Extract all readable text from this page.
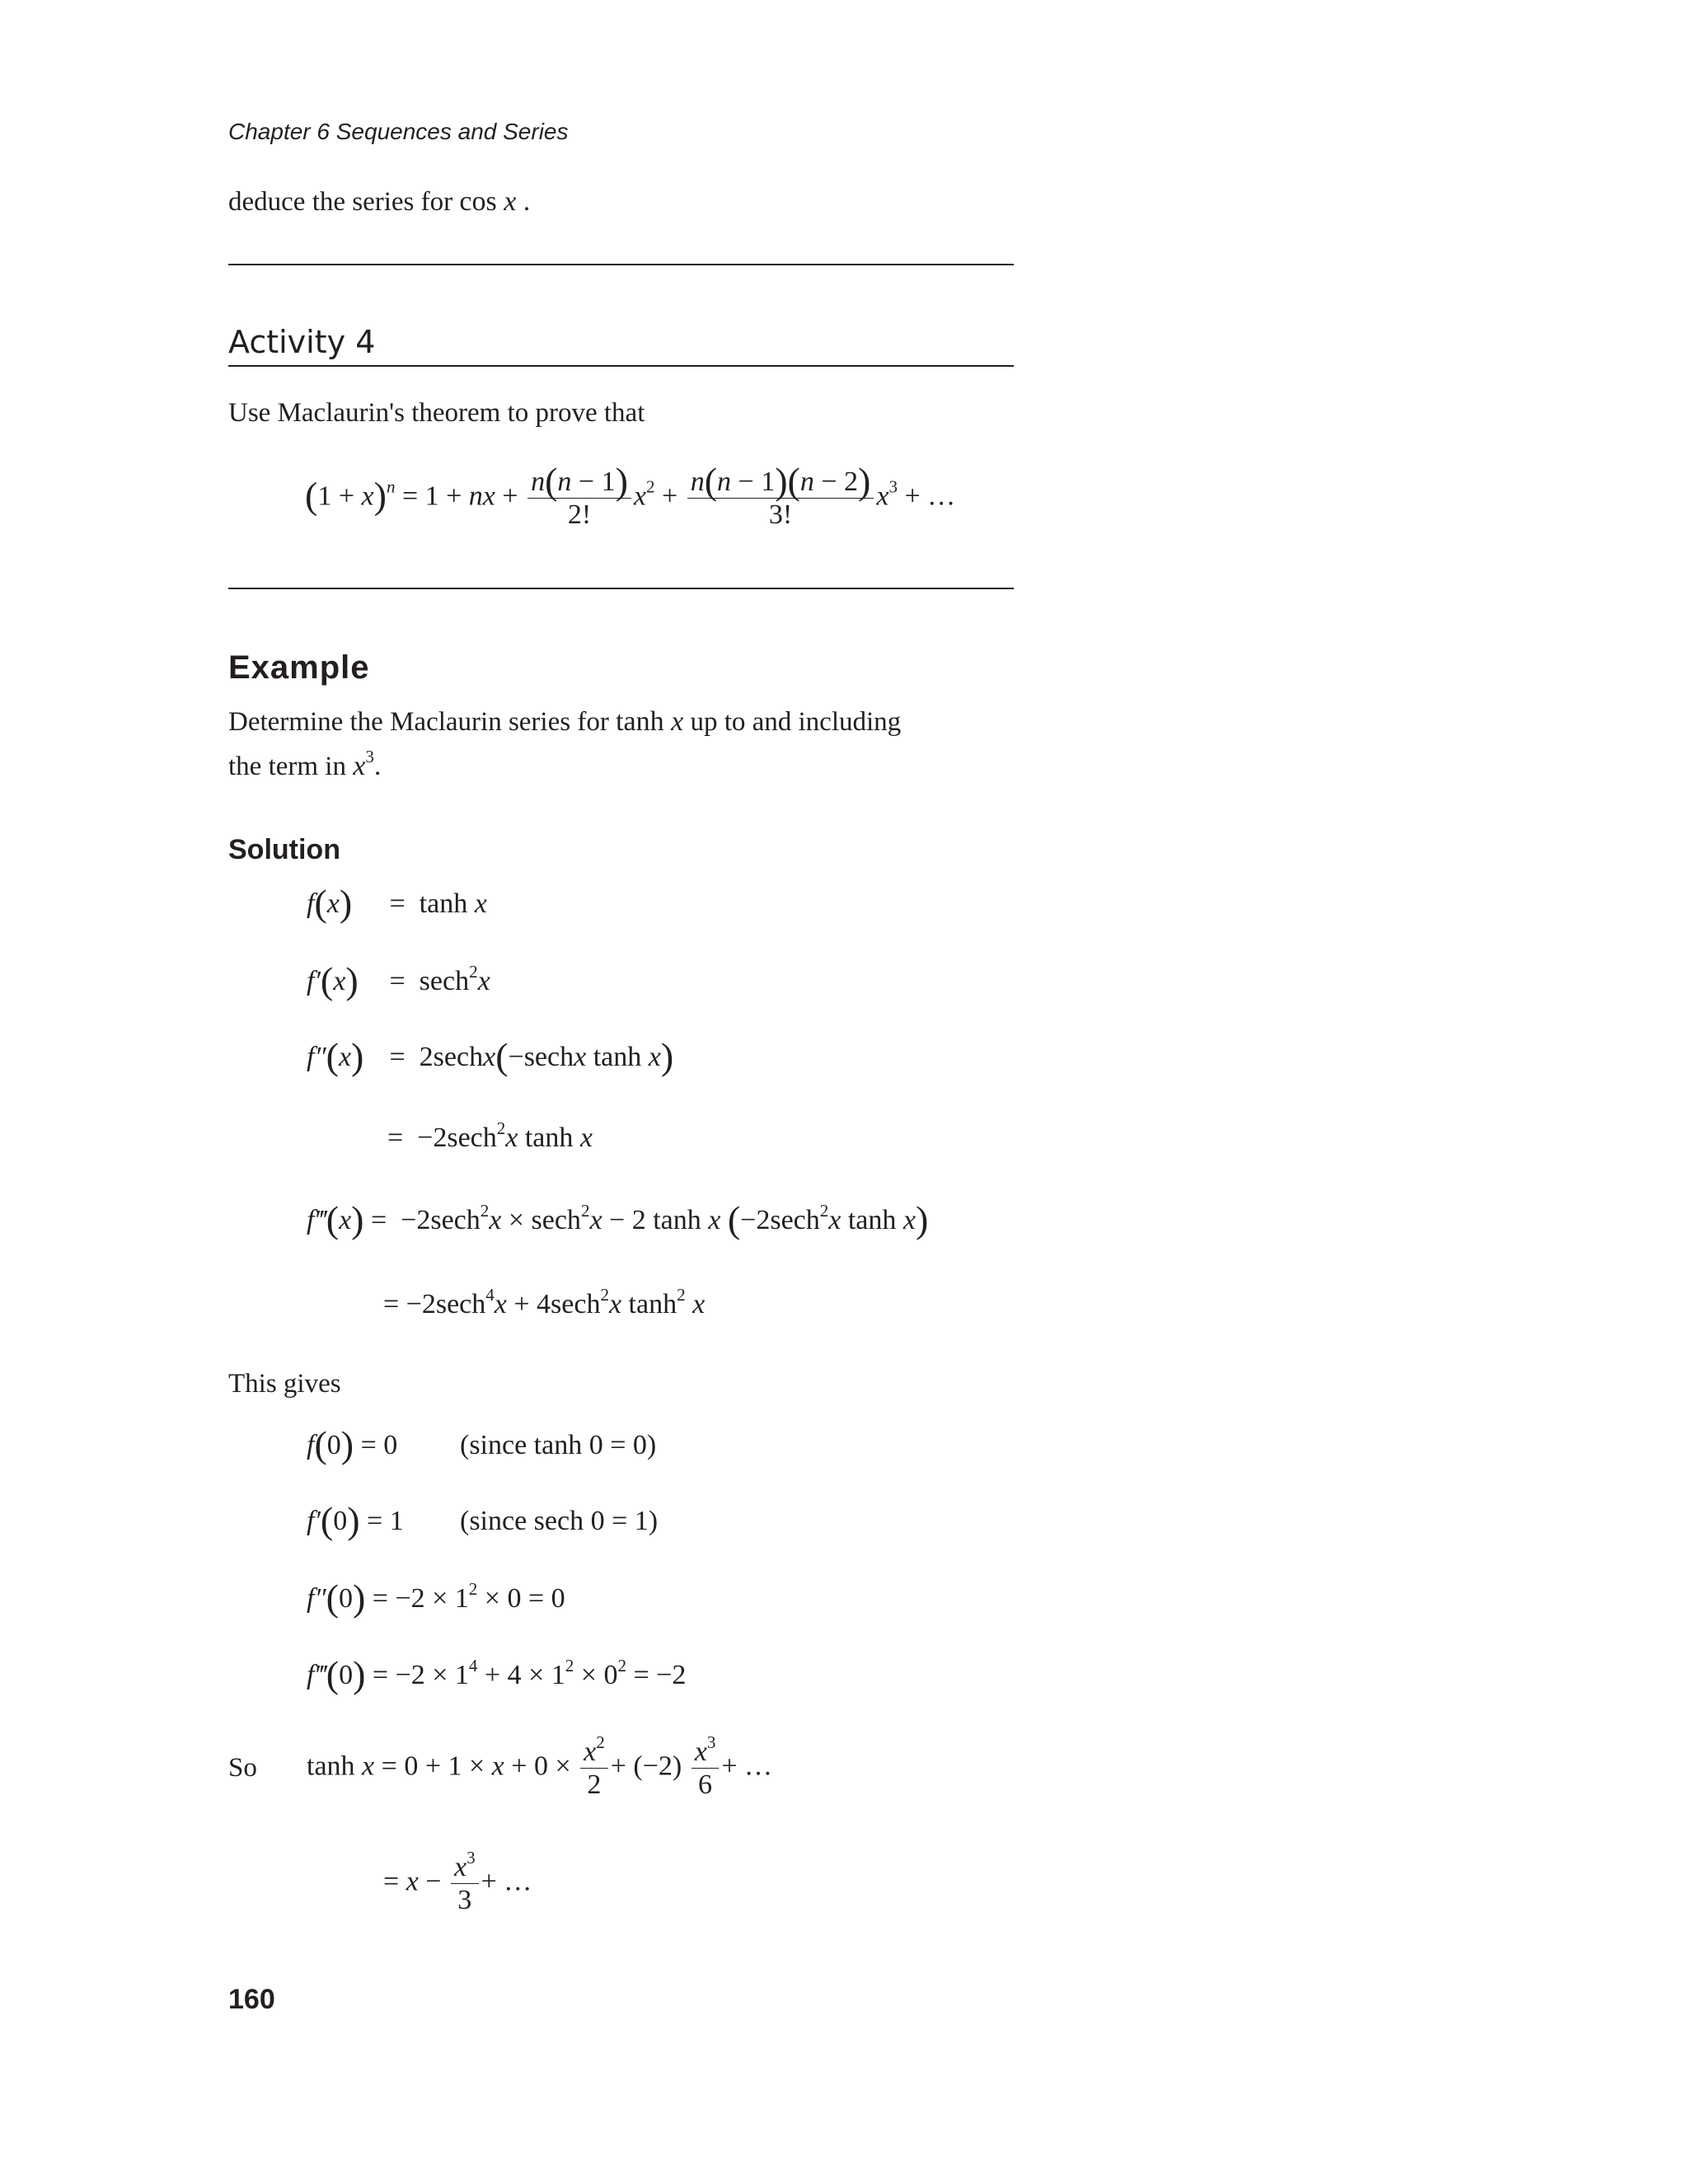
Chapter 6 Sequences and Series
deduce the series for cos x .
Activity 4
Use Maclaurin's theorem to prove that
$(1 + x)^n = 1$ + nx + $\frac{n(n - 1)}{2!} x^2 + \frac{n(n - 1)(n - 2)}{3!} x^3$ + …
Example
Determine the Maclaurin series for tanh x up to and including
the term in $x^3$.
Solution
f(x) =  tanh x
f′(x) =  sech$^2$x
f″(x) =  2sechx(−sechx tanh x)
=  −2sech$^2$x tanh x
f‴(x) =  −2sech$^2$x × sech$^2$x − 2 tanh x (−2sech$^2$x tanh x)
= −2sech$^4$x + 4sech$^2$x $\tanh^2 x$
This gives
f(0) = 0 (since tanh 0 = 0)
f′(0) = 1 (since sech 0 = 1)
$f''(0) = -2 \times 1^2 \times 0 = 0$
f‴(0) = $-2 \times 1^4 + 4 \times 1^2 \times 0^2 = -2$
So $\tanh x = 0 + 1 \times x + 0 \times \frac{x^2}{2} + (-2) \frac{x^3}{6}$ + …
= $x - \frac{x^3}{3}$ + …
160
